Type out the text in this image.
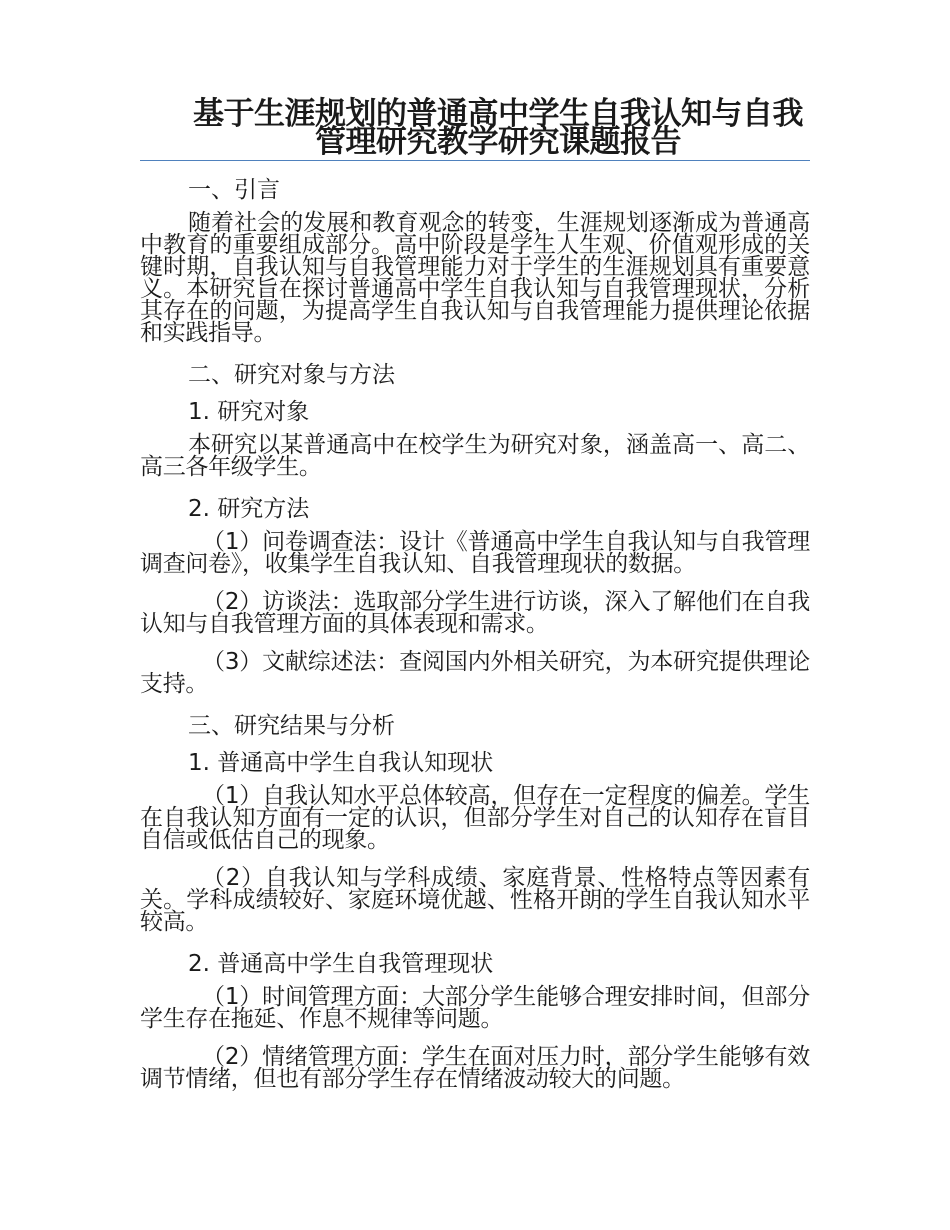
基于生涯规划的普通高中学生自我认知与自我管理研究教学研究课题报告

一、引言

随着社会的发展和教育观念的转变，生涯规划逐渐成为普通高中教育的重要组成部分。高中阶段是学生人生观、价值观形成的关键时期，自我认知与自我管理能力对于学生的生涯规划具有重要意义。本研究旨在探讨普通高中学生自我认知与自我管理现状，分析其存在的问题，为提高学生自我认知与自我管理能力提供理论依据和实践指导。

二、研究对象与方法

1. 研究对象

本研究以某普通高中在校学生为研究对象，涵盖高一、高二、高三各年级学生。

2. 研究方法

（1）问卷调查法：设计《普通高中学生自我认知与自我管理调查问卷》，收集学生自我认知、自我管理现状的数据。

（2）访谈法：选取部分学生进行访谈，深入了解他们在自我认知与自我管理方面的具体表现和需求。

（3）文献综述法：查阅国内外相关研究，为本研究提供理论支持。

三、研究结果与分析

1. 普通高中学生自我认知现状

（1）自我认知水平总体较高，但存在一定程度的偏差。学生在自我认知方面有一定的认识，但部分学生对自己的认知存在盲目自信或低估自己的现象。

（2）自我认知与学科成绩、家庭背景、性格特点等因素有关。学科成绩较好、家庭环境优越、性格开朗的学生自我认知水平较高。

2. 普通高中学生自我管理现状

（1）时间管理方面：大部分学生能够合理安排时间，但部分学生存在拖延、作息不规律等问题。

（2）情绪管理方面：学生在面对压力时，部分学生能够有效调节情绪，但也有部分学生存在情绪波动较大的问题。
